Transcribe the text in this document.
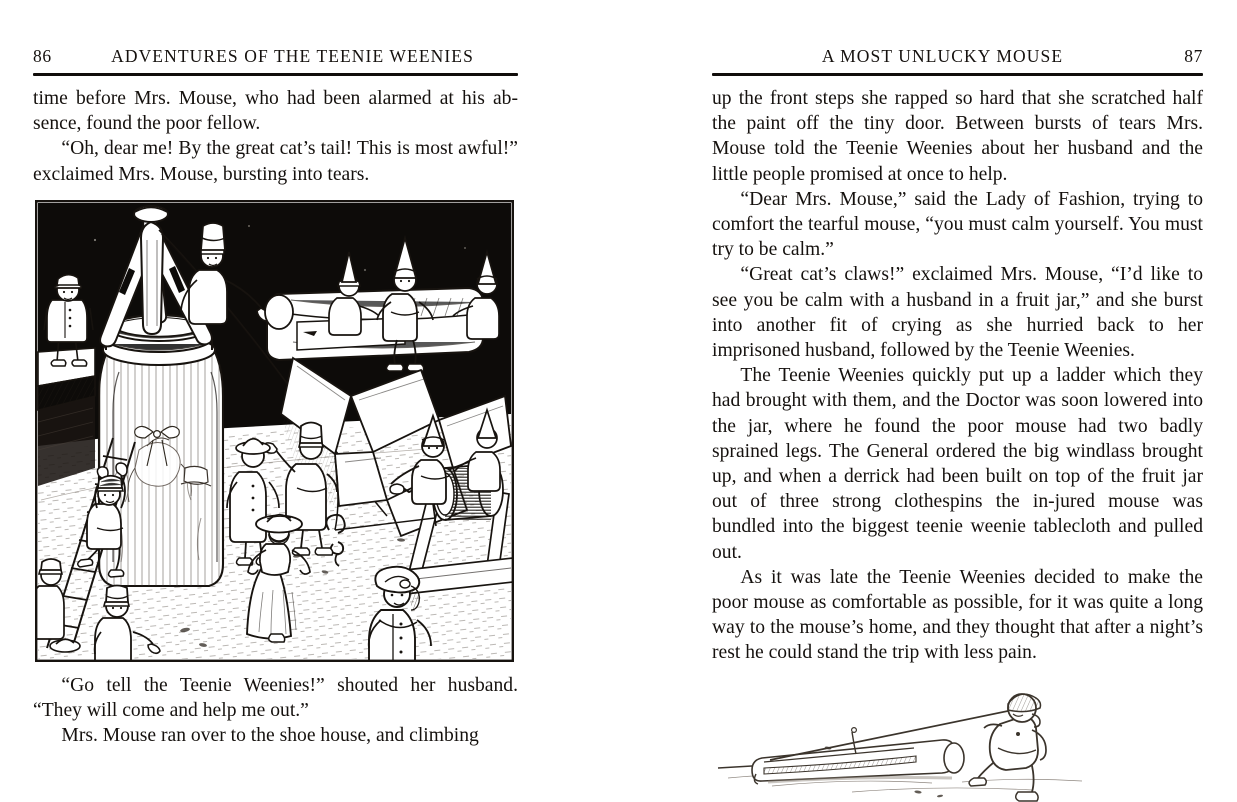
86	ADVENTURES OF THE TEENIE WEENIES

time before Mrs. Mouse, who had been alarmed at his ab-sence, found the poor fellow.

“Oh, dear me! By the great cat’s tail! This is most awful!” exclaimed Mrs. Mouse, bursting into tears.

“Go tell the Teenie Weenies!” shouted her husband. “They will come and help me out.”

Mrs. Mouse ran over to the shoe house, and climbing

A MOST UNLUCKY MOUSE	87

up the front steps she rapped so hard that she scratched half the paint off the tiny door. Between bursts of tears Mrs. Mouse told the Teenie Weenies about her husband and the little people promised at once to help.

“Dear Mrs. Mouse,” said the Lady of Fashion, trying to comfort the tearful mouse, “you must calm yourself. You must try to be calm.”

“Great cat’s claws!” exclaimed Mrs. Mouse, “I’d like to see you be calm with a husband in a fruit jar,” and she burst into another fit of crying as she hurried back to her imprisoned husband, followed by the Teenie Weenies.

The Teenie Weenies quickly put up a ladder which they had brought with them, and the Doctor was soon lowered into the jar, where he found the poor mouse had two badly sprained legs. The General ordered the big windlass brought up, and when a derrick had been built on top of the fruit jar out of three strong clothespins the in-jured mouse was bundled into the biggest teenie weenie tablecloth and pulled out.

As it was late the Teenie Weenies decided to make the poor mouse as comfortable as possible, for it was quite a long way to the mouse’s home, and they thought that after a night’s rest he could stand the trip with less pain.
